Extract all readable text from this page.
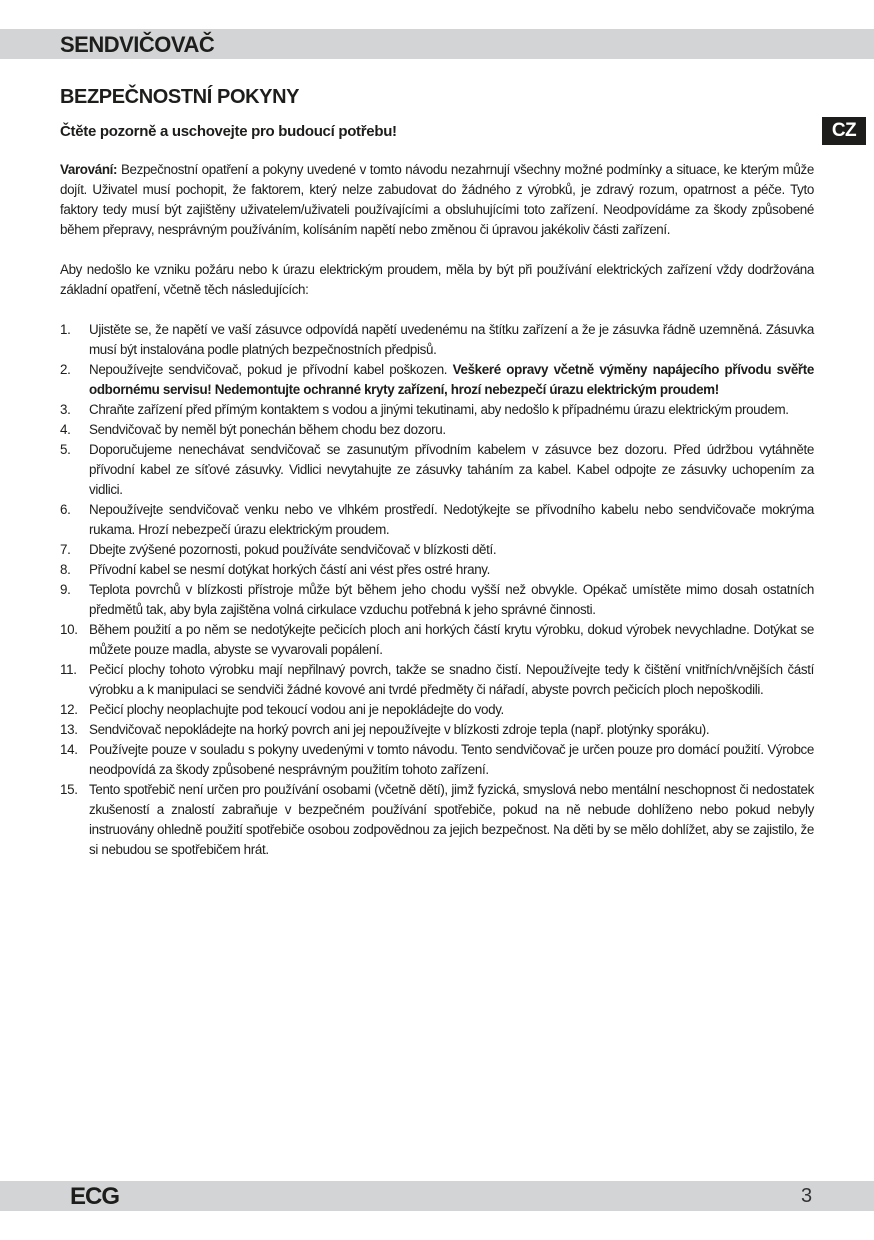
SENDVIČOVAČ
BEZPEČNOSTNÍ POKYNY
Čtěte pozorně a uschovejte pro budoucí potřebu!	CZ

Varování: Bezpečnostní opatření a pokyny uvedené v tomto návodu nezahrnují všechny možné podmínky a situace, ke kterým může dojít. Uživatel musí pochopit, že faktorem, který nelze zabudovat do žádného z výrobků, je zdravý rozum, opatrnost a péče. Tyto faktory tedy musí být zajištěny uživatelem/uživateli používajícími a obsluhujícími toto zařízení. Neodpovídáme za škody způsobené během přepravy, nesprávným používáním, kolísáním napětí nebo změnou či úpravou jakékoliv části zařízení.

Aby nedošlo ke vzniku požáru nebo k úrazu elektrickým proudem, měla by být při používání elektrických zařízení vždy dodržována základní opatření, včetně těch následujících:

1. Ujistěte se, že napětí ve vaší zásuvce odpovídá napětí uvedenému na štítku zařízení a že je zásuvka řádně uzemněná. Zásuvka musí být instalována podle platných bezpečnostních předpisů.
2. Nepoužívejte sendvičovač, pokud je přívodní kabel poškozen. Veškeré opravy včetně výměny napájecího přívodu svěřte odbornému servisu! Nedemontujte ochranné kryty zařízení, hrozí nebezpečí úrazu elektrickým proudem!
3. Chraňte zařízení před přímým kontaktem s vodou a jinými tekutinami, aby nedošlo k případnému úrazu elektrickým proudem.
4. Sendvičovač by neměl být ponechán během chodu bez dozoru.
5. Doporučujeme nenechávat sendvičovač se zasunutým přívodním kabelem v zásuvce bez dozoru. Před údržbou vytáhněte přívodní kabel ze síťové zásuvky. Vidlici nevytahujte ze zásuvky taháním za kabel. Kabel odpojte ze zásuvky uchopením za vidlici.
6. Nepoužívejte sendvičovač venku nebo ve vlhkém prostředí. Nedotýkejte se přívodního kabelu nebo sendvičovače mokrýma rukama. Hrozí nebezpečí úrazu elektrickým proudem.
7. Dbejte zvýšené pozornosti, pokud používáte sendvičovač v blízkosti dětí.
8. Přívodní kabel se nesmí dotýkat horkých částí ani vést přes ostré hrany.
9. Teplota povrchů v blízkosti přístroje může být během jeho chodu vyšší než obvykle. Opékač umístěte mimo dosah ostatních předmětů tak, aby byla zajištěna volná cirkulace vzduchu potřebná k jeho správné činnosti.
10. Během použití a po něm se nedotýkejte pečicích ploch ani horkých částí krytu výrobku, dokud výrobek nevychladne. Dotýkat se můžete pouze madla, abyste se vyvarovali popálení.
11. Pečicí plochy tohoto výrobku mají nepřilnavý povrch, takže se snadno čistí. Nepoužívejte tedy k čištění vnitřních/vnějších částí výrobku a k manipulaci se sendviči žádné kovové ani tvrdé předměty či nářadí, abyste povrch pečicích ploch nepoškodili.
12. Pečicí plochy neoplachujte pod tekoucí vodou ani je nepokládejte do vody.
13. Sendvičovač nepokládejte na horký povrch ani jej nepoužívejte v blízkosti zdroje tepla (např. plotýnky sporáku).
14. Používejte pouze v souladu s pokyny uvedenými v tomto návodu. Tento sendvičovač je určen pouze pro domácí použití. Výrobce neodpovídá za škody způsobené nesprávným použitím tohoto zařízení.
15. Tento spotřebič není určen pro používání osobami (včetně dětí), jimž fyzická, smyslová nebo mentální neschopnost či nedostatek zkušeností a znalostí zabraňuje v bezpečném používání spotřebiče, pokud na ně nebude dohlíženo nebo pokud nebyly instruovány ohledně použití spotřebiče osobou zodpovědnou za jejich bezpečnost. Na děti by se mělo dohlížet, aby se zajistilo, že si nebudou se spotřebičem hrát.
ECG	3
